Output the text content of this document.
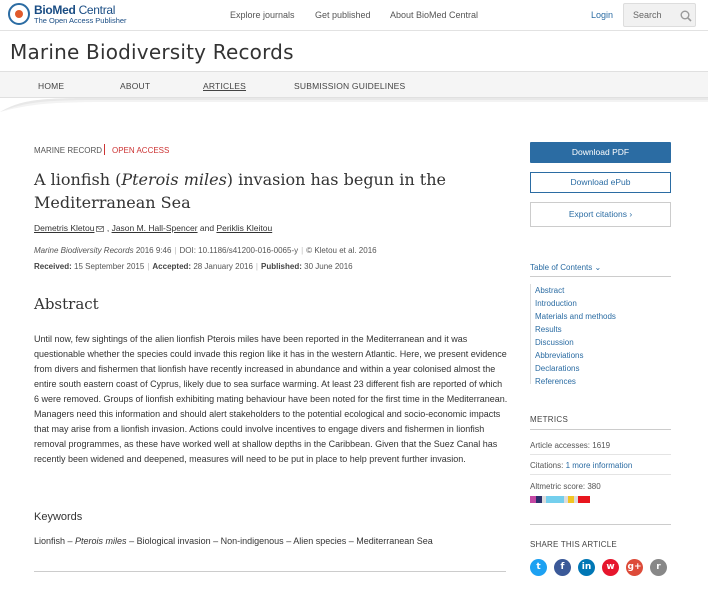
BioMed Central
The Open Access Publisher
Explore journals Get published About BioMed Central	Login Search
Marine Biodiversity Records
HOME	ABOUT	ARTICLES	SUBMISSION GUIDELINES
MARINE RECORD OPEN ACCESS
A lionfish (Pterois miles) invasion has begun in the Mediterranean Sea
Demetris Kletou , Jason M. Hall-Spencer and Periklis Kleitou
Marine Biodiversity Records 2016 9:46 | DOI: 10.1186/s41200-016-0065-y | © Kletou et al. 2016
Received: 15 September 2015 | Accepted: 28 January 2016 | Published: 30 June 2016
Abstract

Until now, few sightings of the alien lionfish Pterois miles have been reported in the Mediterranean and it was questionable whether the species could invade this region like it has in the western Atlantic. Here, we present evidence from divers and fishermen that lionfish have recently increased in abundance and within a year colonised almost the entire south eastern coast of Cyprus, likely due to sea surface warming. At least 23 different fish are reported of which 6 were removed. Groups of lionfish exhibiting mating behaviour have been noted for the first time in the Mediterranean. Managers need this information and should alert stakeholders to the potential ecological and socio-economic impacts that may arise from a lionfish invasion. Actions could involve incentives to engage divers and fishermen in lionfish removal programmes, as these have worked well at shallow depths in the Caribbean. Given that the Suez Canal has recently been widened and deepened, measures will need to be put in place to help prevent further invasion.

Keywords
Lionfish – Pterois miles – Biological invasion – Non-indigenous – Alien species – Mediterranean Sea
Download PDF
Download ePub
Export citations ›
Table of Contents ⌄
Abstract
Introduction
Materials and methods
Results
Discussion
Abbreviations
Declarations
References
METRICS
Article accesses: 1619
Citations: 1 more information
Altmetric score: 380
SHARE THIS ARTICLE
t	f	in	w	g+	r
